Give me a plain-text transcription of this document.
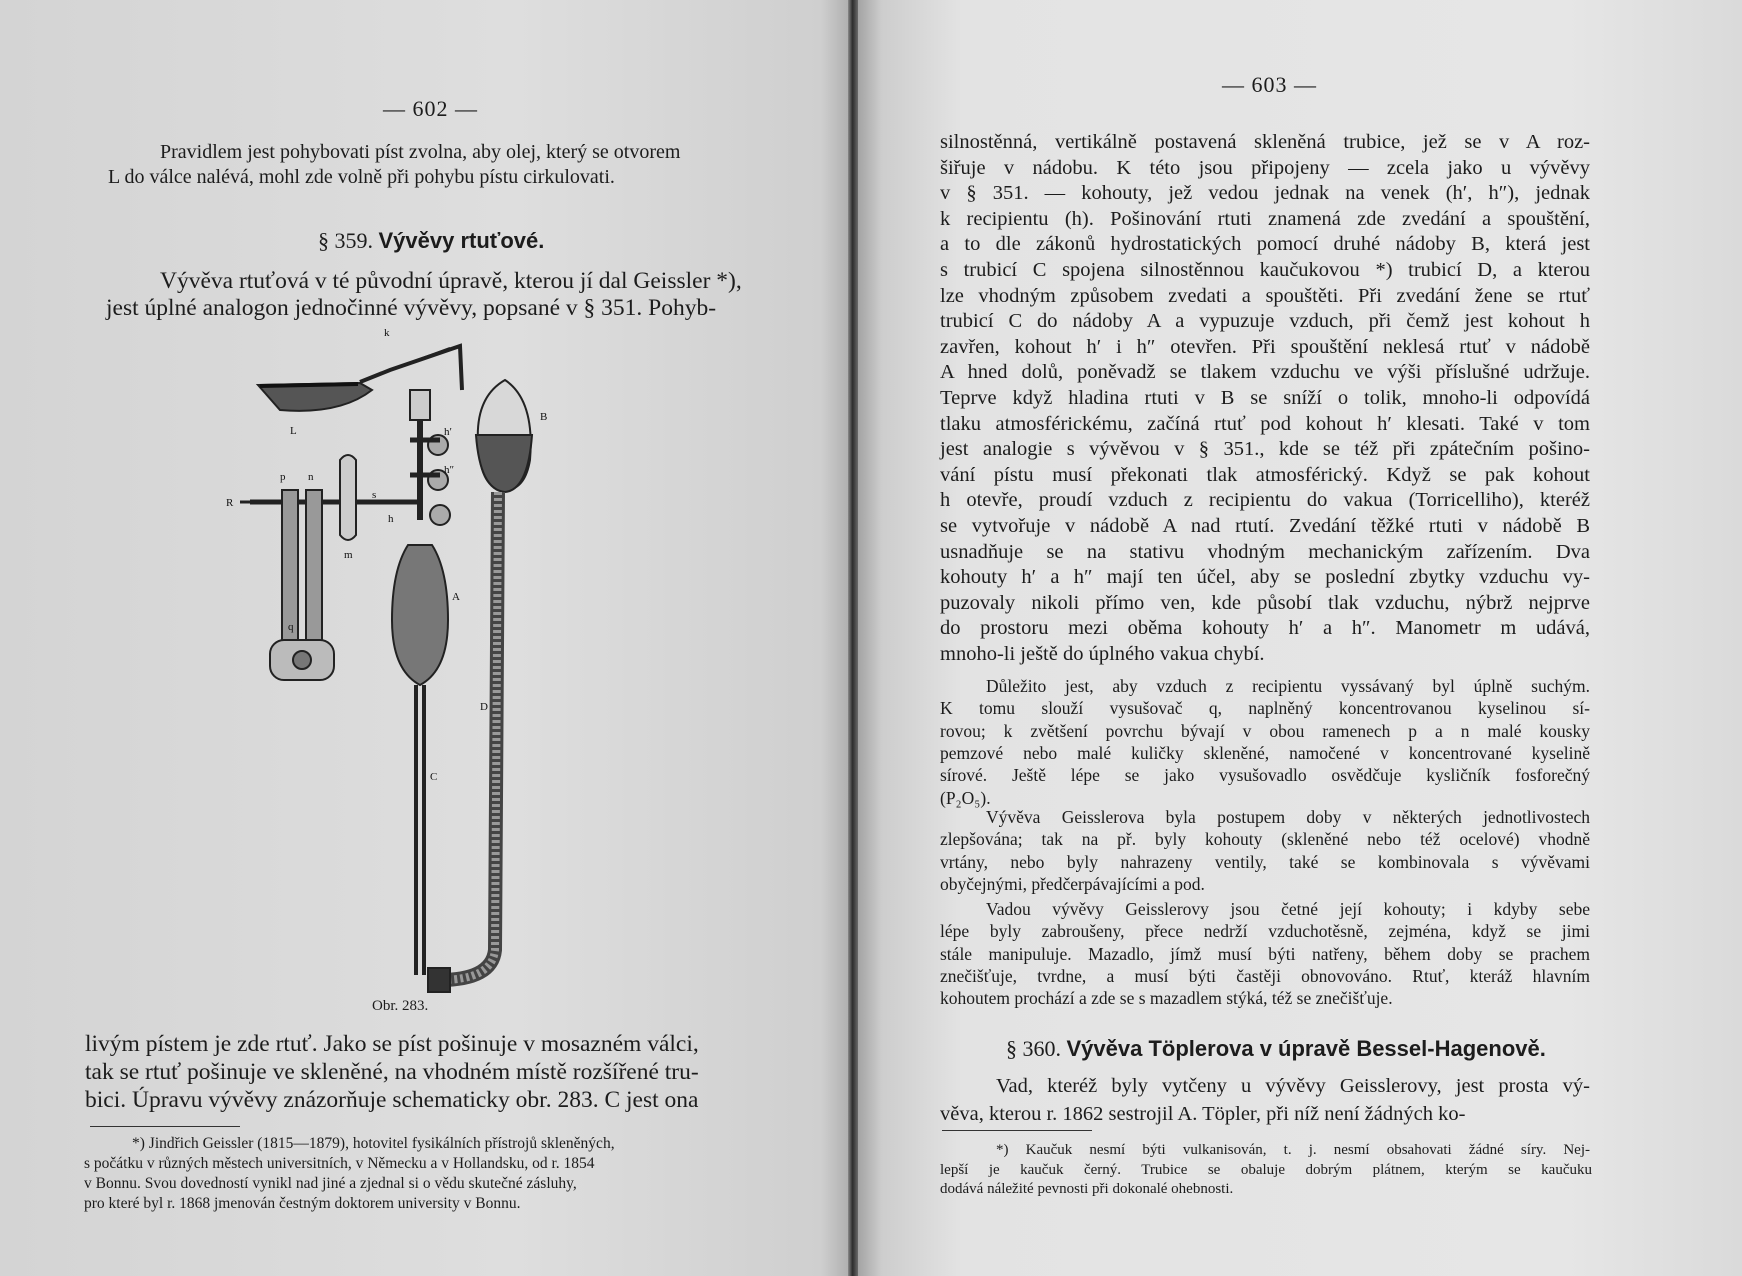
— 602 —
Pravidlem jest pohybovati píst zvolna, aby olej, který se otvorem
L do válce nalévá, mohl zde volně při pohybu pístu cirkulovati.
§ 359. Vývěvy rtuťové.
Vývěva rtuťová v té původní úpravě, kterou jí dal Geissler *),
jest úplné analogon jednočinné vývěvy, popsané v § 351. Pohyb-
k
L
p n
R
s
h
m
h′
h″
B
A
D
C
q
Obr. 283.
livým pístem je zde rtuť. Jako se píst pošinuje v mosazném válci,
tak se rtuť pošinuje ve skleněné, na vhodném místě rozšířené tru-
bici. Úpravu vývěvy znázorňuje schematicky obr. 283. C jest ona
*) Jindřich Geissler (1815—1879), hotovitel fysikálních přístrojů skleněných,
s počátku v různých městech universitních, v Německu a v Hollandsku, od r. 1854
v Bonnu. Svou dovedností vynikl nad jiné a zjednal si o vědu skutečné zásluhy,
pro které byl r. 1868 jmenován čestným doktorem university v Bonnu.
— 603 —
silnostěnná, vertikálně postavená skleněná trubice, jež se v A roz-
šiřuje v nádobu. K této jsou připojeny — zcela jako u vývěvy
v § 351. — kohouty, jež vedou jednak na venek (h′, h″), jednak
k recipientu (h). Pošinování rtuti znamená zde zvedání a spouštění,
a to dle zákonů hydrostatických pomocí druhé nádoby B, která jest
s trubicí C spojena silnostěnnou kaučukovou *) trubicí D, a kterou
lze vhodným způsobem zvedati a spouštěti. Při zvedání žene se rtuť
trubicí C do nádoby A a vypuzuje vzduch, při čemž jest kohout h
zavřen, kohout h′ i h″ otevřen. Při spouštění neklesá rtuť v nádobě
A hned dolů, poněvadž se tlakem vzduchu ve výši příslušné udržuje.
Teprve když hladina rtuti v B se sníží o tolik, mnoho-li odpovídá
tlaku atmosférickému, začíná rtuť pod kohout h′ klesati. Také v tom
jest analogie s vývěvou v § 351., kde se též při zpátečním pošino-
vání pístu musí překonati tlak atmosférický. Když se pak kohout
h otevře, proudí vzduch z recipientu do vakua (Torricelliho), kteréž
se vytvořuje v nádobě A nad rtutí. Zvedání těžké rtuti v nádobě B
usnadňuje se na stativu vhodným mechanickým zařízením. Dva
kohouty h′ a h″ mají ten účel, aby se poslední zbytky vzduchu vy-
puzovaly nikoli přímo ven, kde působí tlak vzduchu, nýbrž nejprve
do prostoru mezi oběma kohouty h′ a h″. Manometr m udává,
mnoho-li ještě do úplného vakua chybí.
Důležito jest, aby vzduch z recipientu vyssávaný byl úplně suchým.
K tomu slouží vysušovač q, naplněný koncentrovanou kyselinou sí-
rovou; k zvětšení povrchu bývají v obou ramenech p a n malé kousky
pemzové nebo malé kuličky skleněné, namočené v koncentrované kyselině
sírové. Ještě lépe se jako vysušovadlo osvědčuje kysličník fosforečný
(P₂O₅).
Vývěva Geisslerova byla postupem doby v některých jednotlivostech
zlepšována; tak na př. byly kohouty (skleněné nebo též ocelové) vhodně
vrtány, nebo byly nahrazeny ventily, také se kombinovala s vývěvami
obyčejnými, předčerpávajícími a pod.
Vadou vývěvy Geisslerovy jsou četné její kohouty; i kdyby sebe
lépe byly zabroušeny, přece nedrží vzduchotěsně, zejména, když se jimi
stále manipuluje. Mazadlo, jímž musí býti natřeny, během doby se prachem
znečišťuje, tvrdne, a musí býti častěji obnovováno. Rtuť, kteráž hlavním
kohoutem prochází a zde se s mazadlem stýká, též se znečišťuje.
§ 360. Vývěva Töplerova v úpravě Bessel-Hagenově.
Vad, kteréž byly vytčeny u vývěvy Geisslerovy, jest prosta vý-
věva, kterou r. 1862 sestrojil A. Töpler, při níž není žádných ko-
*) Kaučuk nesmí býti vulkanisován, t. j. nesmí obsahovati žádné síry. Nej-
lepší je kaučuk černý. Trubice se obaluje dobrým plátnem, kterým se kaučuku
dodává náležité pevnosti při dokonalé ohebnosti.
